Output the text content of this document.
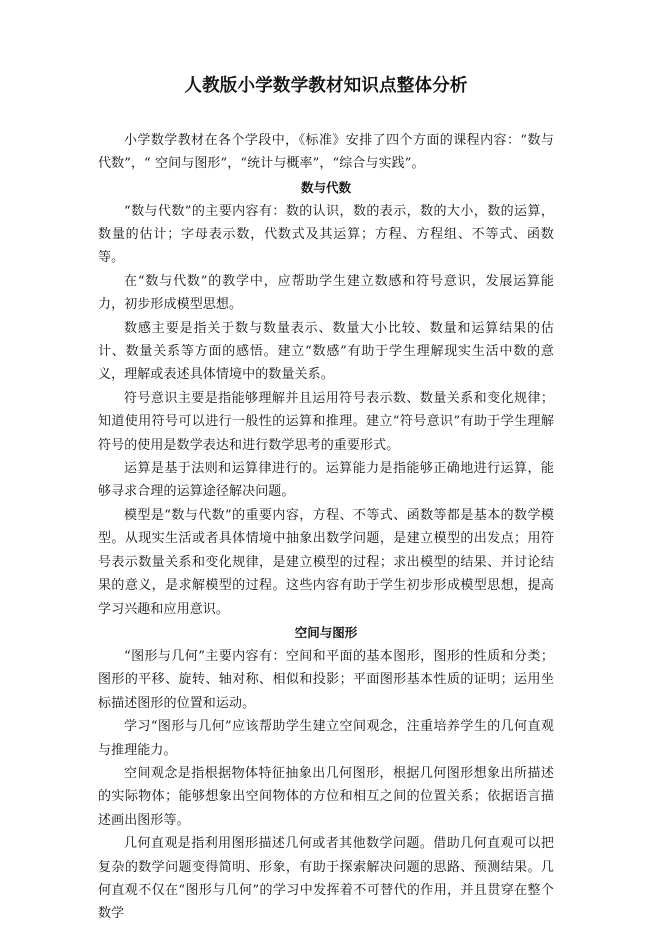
人教版小学数学教材知识点整体分析

小学数学教材在各个学段中，《标准》安排了四个方面的课程内容：“数与代数”，“ 空间与图形”，“统计与概率”，“综合与实践”。

数与代数

“数与代数”的主要内容有：数的认识，数的表示，数的大小，数的运算，数量的估计；字母表示数，代数式及其运算；方程、方程组、不等式、函数等。

在“数与代数”的教学中，应帮助学生建立数感和符号意识，发展运算能力，初步形成模型思想。

数感主要是指关于数与数量表示、数量大小比较、数量和运算结果的估计、数量关系等方面的感悟。建立“数感”有助于学生理解现实生活中数的意义，理解或表述具体情境中的数量关系。

符号意识主要是指能够理解并且运用符号表示数、数量关系和变化规律；知道使用符号可以进行一般性的运算和推理。建立“符号意识”有助于学生理解符号的使用是数学表达和进行数学思考的重要形式。

运算是基于法则和运算律进行的。运算能力是指能够正确地进行运算，能够寻求合理的运算途径解决问题。

模型是“数与代数”的重要内容，方程、不等式、函数等都是基本的数学模型。从现实生活或者具体情境中抽象出数学问题，是建立模型的出发点；用符号表示数量关系和变化规律，是建立模型的过程；求出模型的结果、并讨论结果的意义，是求解模型的过程。这些内容有助于学生初步形成模型思想，提高学习兴趣和应用意识。

空间与图形

“图形与几何”主要内容有：空间和平面的基本图形，图形的性质和分类；图形的平移、旋转、轴对称、相似和投影；平面图形基本性质的证明；运用坐标描述图形的位置和运动。

学习“图形与几何”应该帮助学生建立空间观念，注重培养学生的几何直观与推理能力。

空间观念是指根据物体特征抽象出几何图形，根据几何图形想象出所描述的实际物体；能够想象出空间物体的方位和相互之间的位置关系；依据语言描述画出图形等。

几何直观是指利用图形描述几何或者其他数学问题。借助几何直观可以把复杂的数学问题变得简明、形象，有助于探索解决问题的思路、预测结果。几何直观不仅在“图形与几何”的学习中发挥着不可替代的作用，并且贯穿在整个数学
